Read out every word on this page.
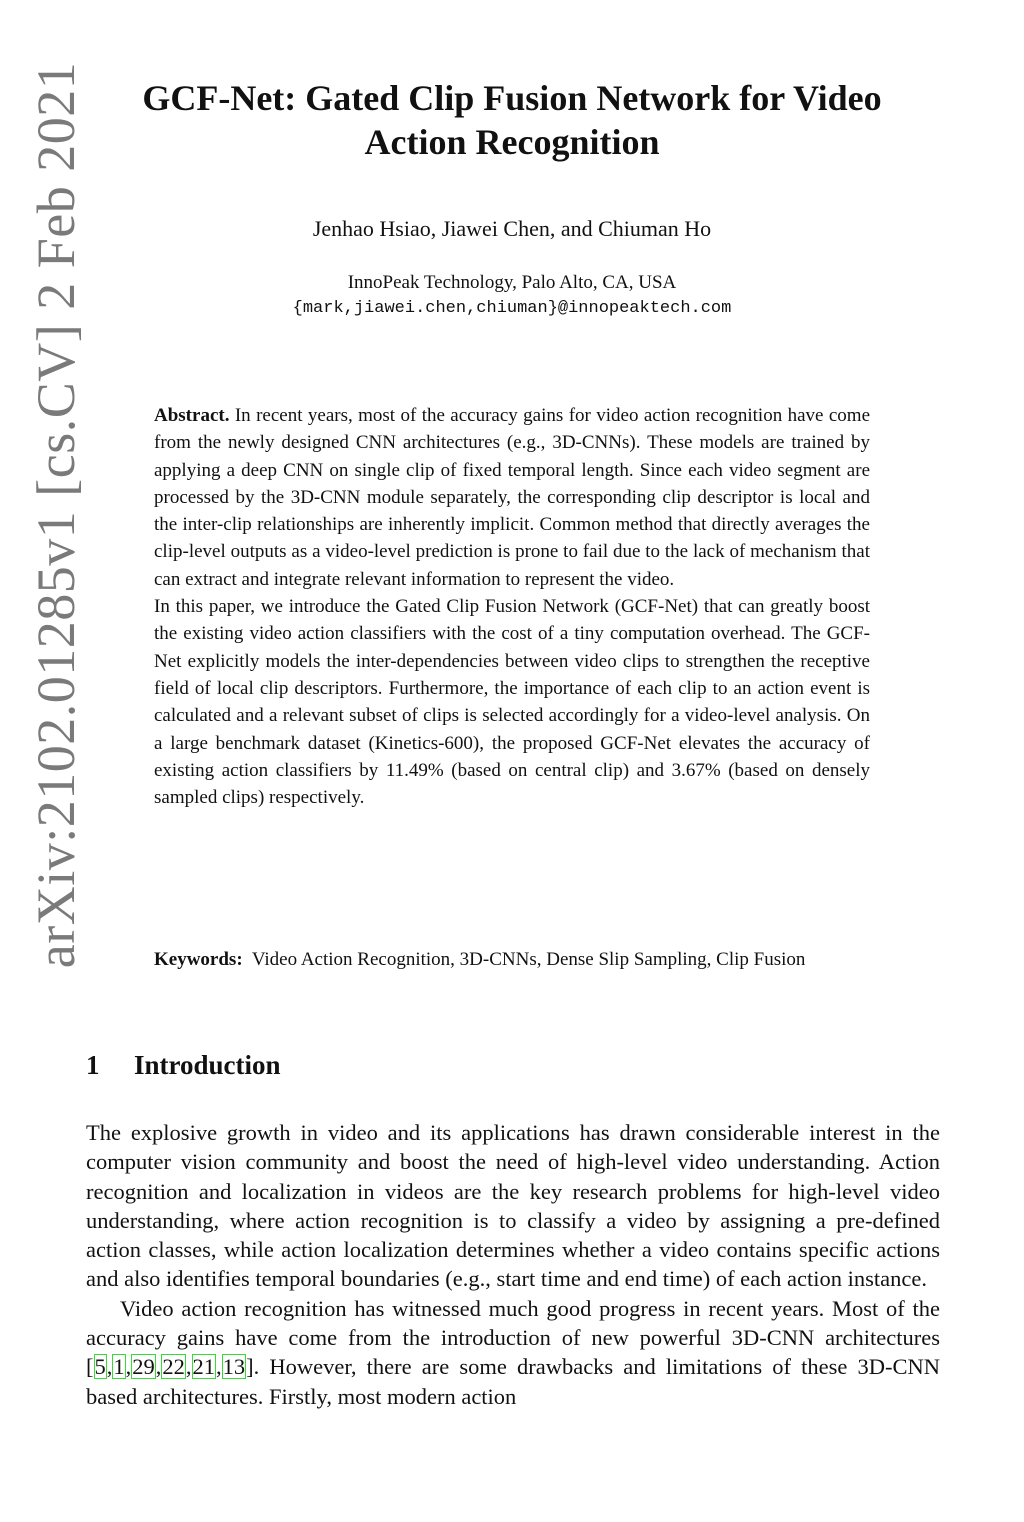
arXiv:2102.01285v1 [cs.CV] 2 Feb 2021	GCF-Net: Gated Clip Fusion Network for Video
Action Recognition
Jenhao Hsiao, Jiawei Chen, and Chiuman Ho
InnoPeak Technology, Palo Alto, CA, USA
{mark,jiawei.chen,chiuman}@innopeaktech.com

Abstract. In recent years, most of the accuracy gains for video action recognition have come from the newly designed CNN architectures (e.g., 3D-CNNs). These models are trained by applying a deep CNN on single clip of fixed temporal length. Since each video segment are processed by the 3D-CNN module separately, the corresponding clip descriptor is local and the inter-clip relationships are inherently implicit. Common method that directly averages the clip-level outputs as a video-level prediction is prone to fail due to the lack of mechanism that can extract and integrate relevant information to represent the video.

In this paper, we introduce the Gated Clip Fusion Network (GCF-Net) that can greatly boost the existing video action classifiers with the cost of a tiny computation overhead. The GCF-Net explicitly models the inter-dependencies between video clips to strengthen the receptive field of local clip descriptors. Furthermore, the importance of each clip to an action event is calculated and a relevant subset of clips is selected accordingly for a video-level analysis. On a large benchmark dataset (Kinetics-600), the proposed GCF-Net elevates the accuracy of existing action classifiers by 11.49% (based on central clip) and 3.67% (based on densely sampled clips) respectively.

Keywords: Video Action Recognition, 3D-CNNs, Dense Slip Sampling, Clip Fusion
1 Introduction

The explosive growth in video and its applications has drawn considerable interest in the computer vision community and boost the need of high-level video understanding. Action recognition and localization in videos are the key research problems for high-level video understanding, where action recognition is to classify a video by assigning a pre-defined action classes, while action localization determines whether a video contains specific actions and also identifies temporal boundaries (e.g., start time and end time) of each action instance.

Video action recognition has witnessed much good progress in recent years. Most of the accuracy gains have come from the introduction of new powerful 3D-CNN architectures [5,1,29,22,21,13]. However, there are some drawbacks and limitations of these 3D-CNN based architectures. Firstly, most modern action
